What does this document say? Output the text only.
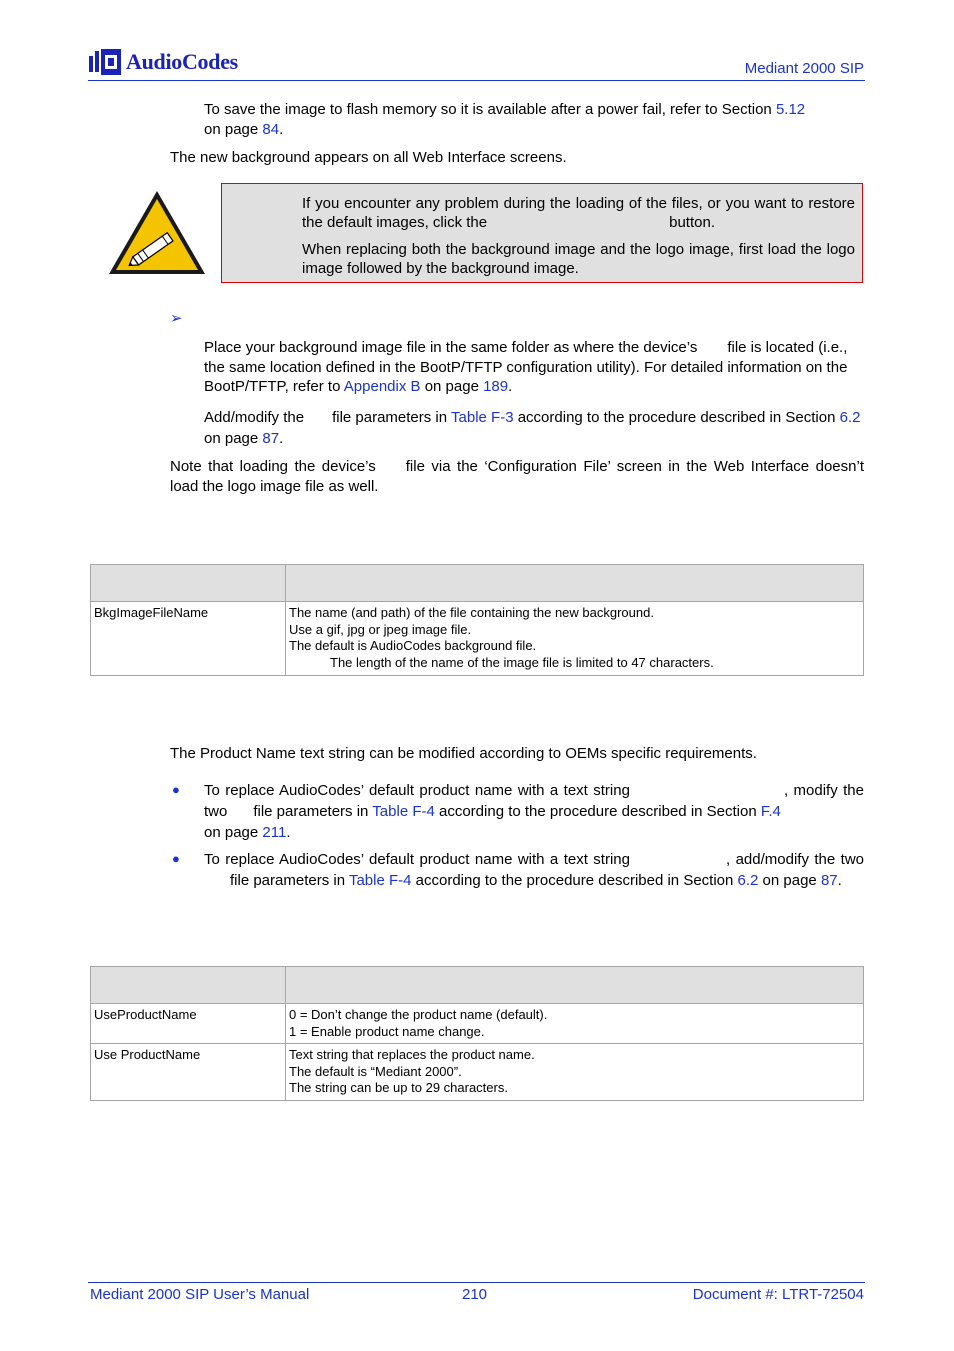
AudioCodes	Mediant 2000 SIP

To save the image to flash memory so it is available after a power fail, refer to Section 5.12
on page 84.

The new background appears on all Web Interface screens.

If you encounter any problem during the loading of the files, or you want to restore the default images, click the	button.

When replacing both the background image and the logo image, first load the logo image followed by the background image.

➢

Place your background image file in the same folder as where the device’s file is located (i.e., the same location defined in the BootP/TFTP configuration utility). For detailed information on the BootP/TFTP, refer to Appendix B on page 189.

Add/modify the file parameters in Table F-3 according to the procedure described in Section 6.2 on page 87.

Note that loading the device’s file via the ‘Configuration File’ screen in the Web Interface doesn’t load the logo image file as well.

BkgImageFileName	The name (and path) of the file containing the new background.
Use a gif, jpg or jpeg image file.
The default is AudioCodes background file.
The length of the name of the image file is limited to 47 characters.

The Product Name text string can be modified according to OEMs specific requirements.

● To replace AudioCodes’ default product name with a text string	, modify the two file parameters in Table F-4 according to the procedure described in Section F.4
on page 211.

● To replace AudioCodes’ default product name with a text string	, add/modify the twofile parameters in Table F-4 according to the procedure described in Section 6.2 on page 87.

UseProductName	0 = Don’t change the product name (default).
1 = Enable product name change.

Use ProductName	Text string that replaces the product name.
The default is “Mediant 2000”.
The string can be up to 29 characters.
Mediant 2000 SIP User’s Manual	210	Document #: LTRT-72504
